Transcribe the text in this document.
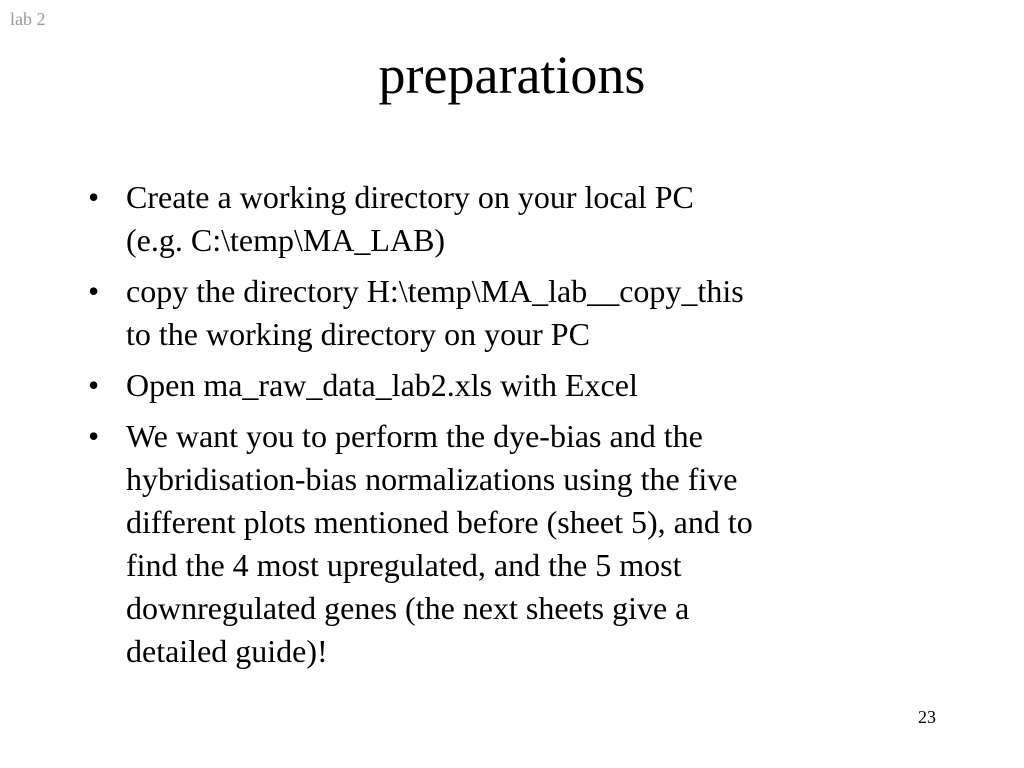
lab 2
preparations
• Create a working directory on your local PC
(e.g. C:\temp\MA_LAB)
• copy the directory H:\temp\MA_lab__copy_this
to the working directory on your PC
• Open ma_raw_data_lab2.xls with Excel
• We want you to perform the dye-bias and the
hybridisation-bias normalizations using the five
different plots mentioned before (sheet 5), and to
find the 4 most upregulated, and the 5 most
downregulated genes (the next sheets give a
detailed guide)!
23
